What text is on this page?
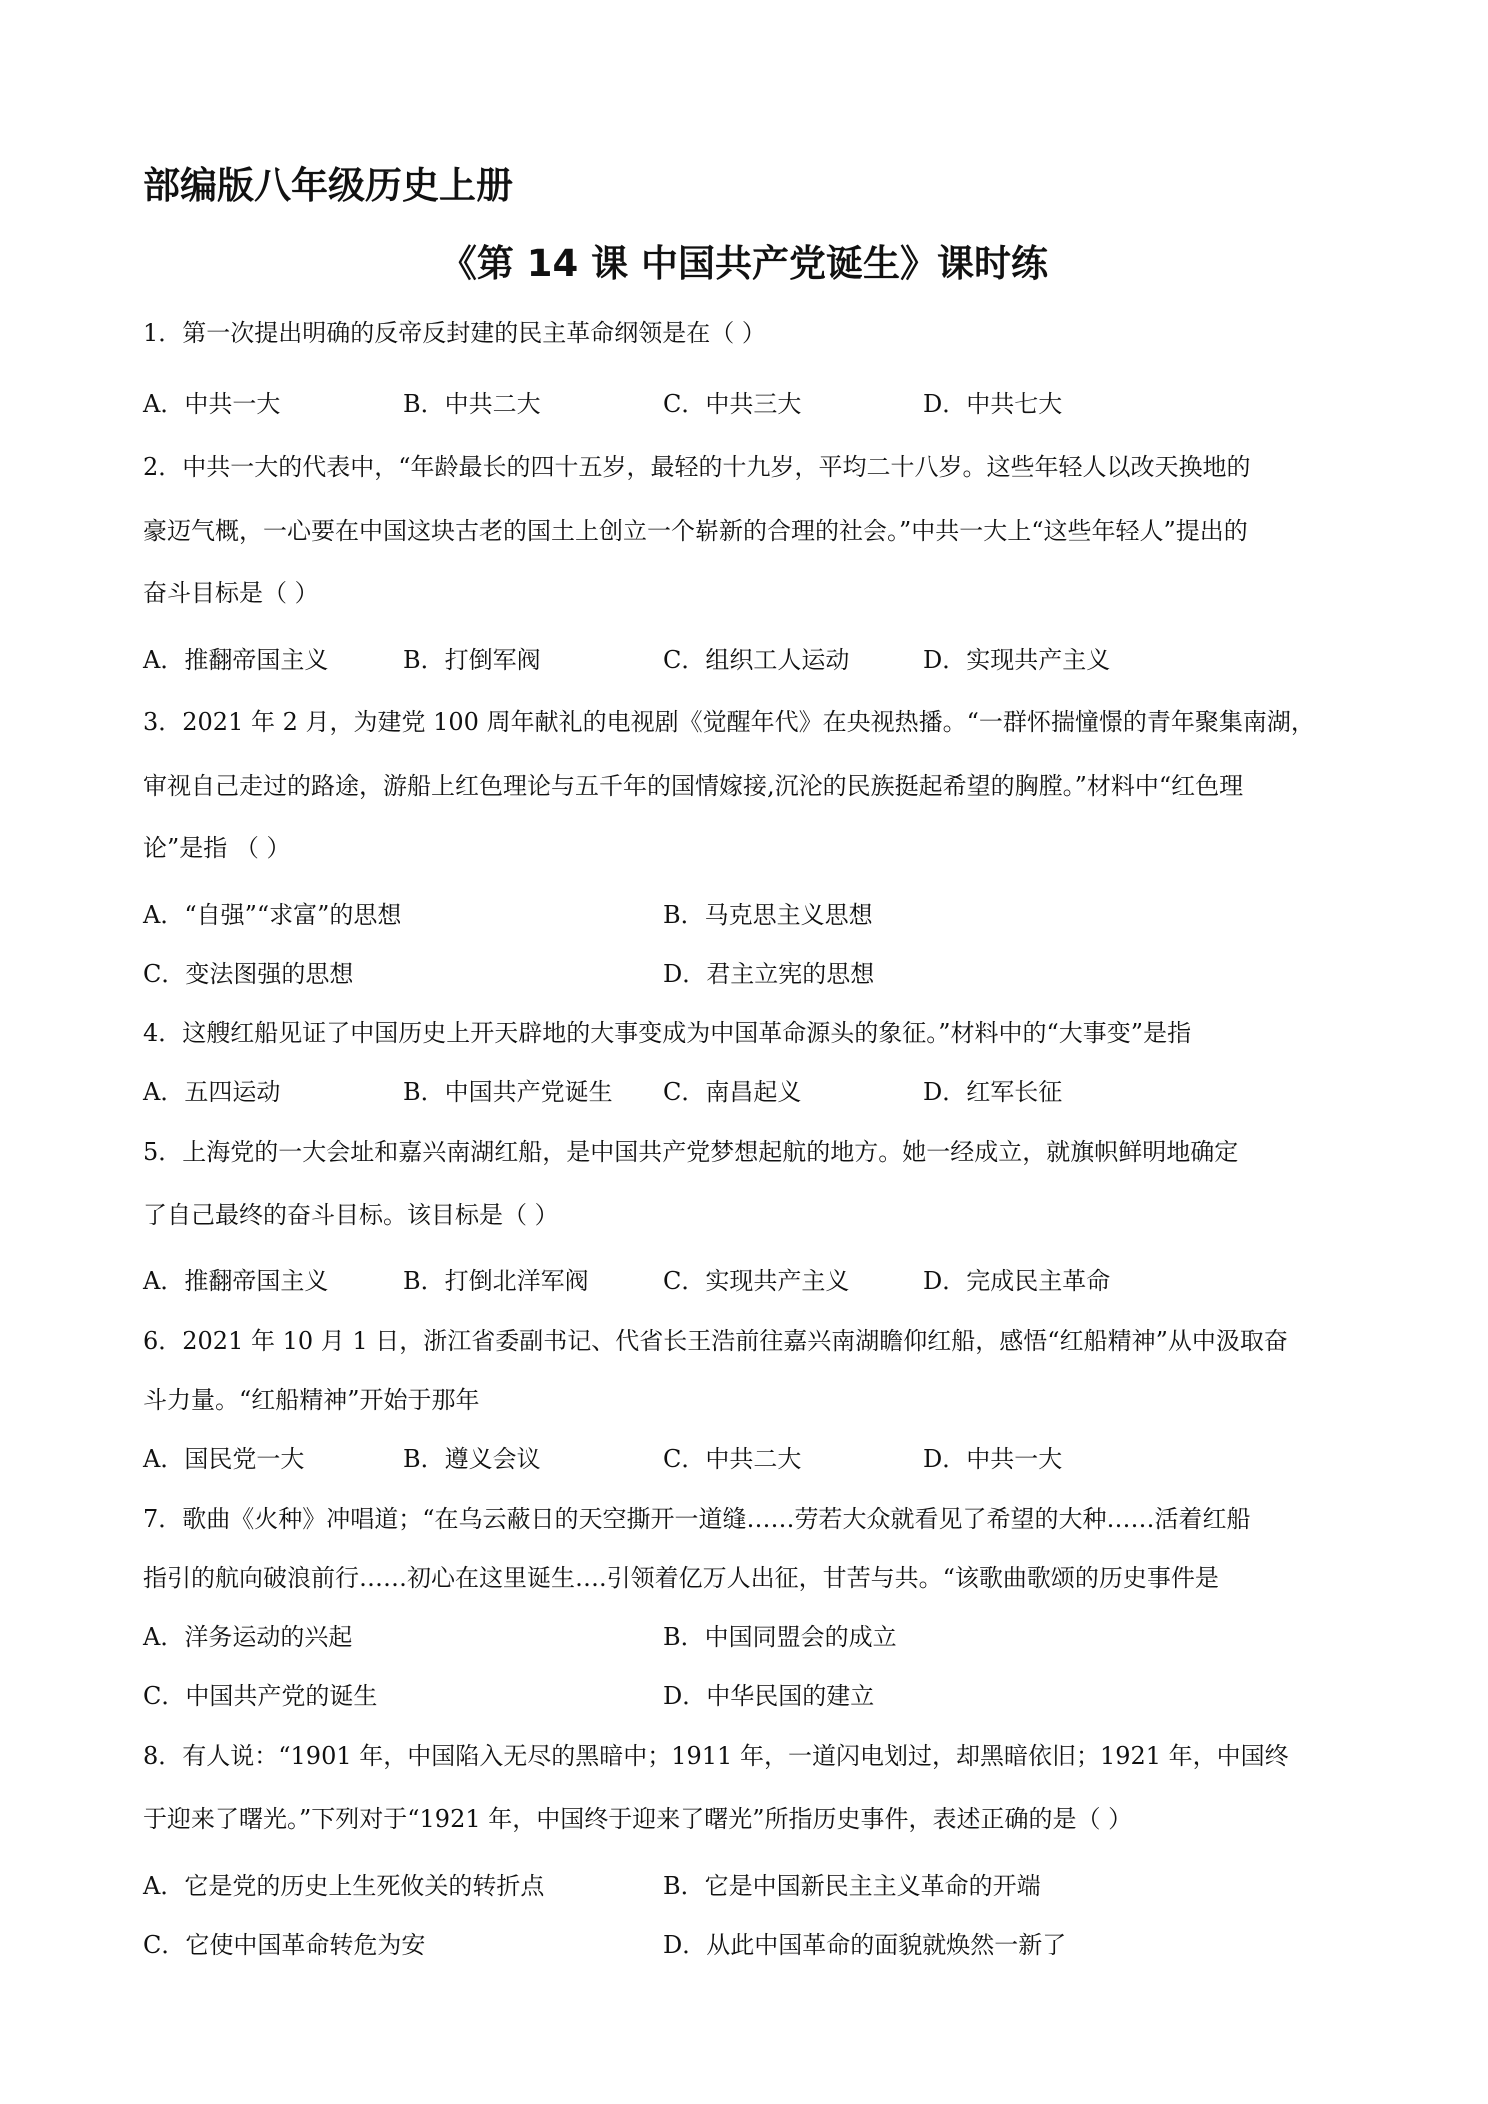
部编版八年级历史上册
《第 14 课 中国共产党诞生》课时练
1．第一次提出明确的反帝反封建的民主革命纲领是在（ ）
A．中共一大	B．中共二大	C．中共三大	D．中共七大
2．中共一大的代表中，“年龄最长的四十五岁，最轻的十九岁，平均二十八岁。这些年轻人以改天换地的
豪迈气概，一心要在中国这块古老的国土上创立一个崭新的合理的社会。”中共一大上“这些年轻人”提出的
奋斗目标是（ ）
A．推翻帝国主义	B．打倒军阀	C．组织工人运动	D．实现共产主义
3．2021 年 2 月，为建党 100 周年献礼的电视剧《觉醒年代》在央视热播。“一群怀揣憧憬的青年聚集南湖，
审视自己走过的路途，游船上红色理论与五千年的国情嫁接,沉沦的民族挺起希望的胸膛。”材料中“红色理
论”是指 （ ）
A．“自强”“求富”的思想	B．马克思主义思想
C．变法图强的思想	D．君主立宪的思想
4．这艘红船见证了中国历史上开天辟地的大事变成为中国革命源头的象征。”材料中的“大事变”是指
A．五四运动	B．中国共产党诞生 C．南昌起义	D．红军长征
5．上海党的一大会址和嘉兴南湖红船，是中国共产党梦想起航的地方。她一经成立，就旗帜鲜明地确定
了自己最终的奋斗目标。该目标是（ ）
A．推翻帝国主义	B．打倒北洋军阀	C．实现共产主义	D．完成民主革命
6．2021 年 10 月 1 日，浙江省委副书记、代省长王浩前往嘉兴南湖瞻仰红船，感悟“红船精神”从中汲取奋
斗力量。“红船精神”开始于那年
A．国民党一大	B．遵义会议	C．中共二大	D．中共一大
7．歌曲《火种》冲唱道；“在乌云蔽日的天空撕开一道缝……劳若大众就看见了希望的大种……活着红船
指引的航向破浪前行……初心在这里诞生….引领着亿万人出征，甘苦与共。“该歌曲歌颂的历史事件是
A．洋务运动的兴起	B．中国同盟会的成立
C．中国共产党的诞生	D．中华民国的建立
8．有人说：“1901 年，中国陷入无尽的黑暗中；1911 年，一道闪电划过，却黑暗依旧；1921 年，中国终
于迎来了曙光。”下列对于“1921 年，中国终于迎来了曙光”所指历史事件，表述正确的是（ ）
A．它是党的历史上生死攸关的转折点	B．它是中国新民主主义革命的开端
C．它使中国革命转危为安	D．从此中国革命的面貌就焕然一新了
